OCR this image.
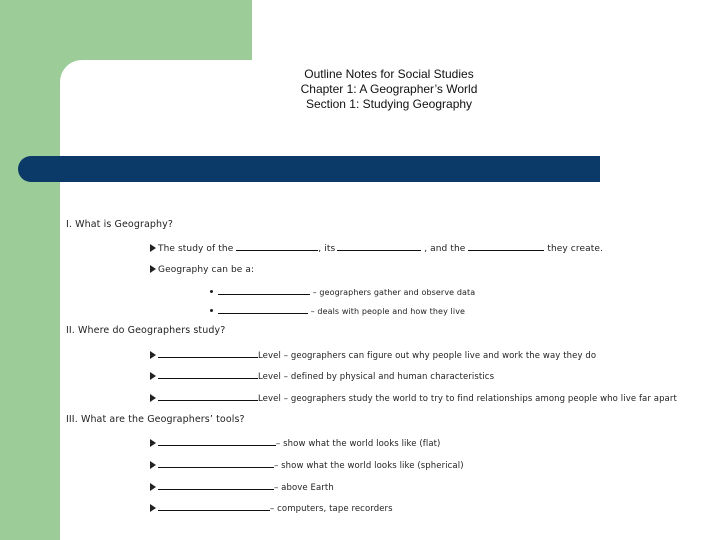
Outline Notes for Social Studies
Chapter 1: A Geographer’s World
Section 1: Studying Geography
I. What is Geography?
The study of the	, its	, and the	they create.
Geography can be a:
– geographers gather and observe data
– deals with people and how they live
II. Where do Geographers study?
Level – geographers can figure out why people live and work the way they do
Level – defined by physical and human characteristics
Level – geographers study the world to try to find relationships among people who live far apart
III. What are the Geographers’ tools?
– show what the world looks like (flat)
– show what the world looks like (spherical)
– above Earth
– computers, tape recorders
